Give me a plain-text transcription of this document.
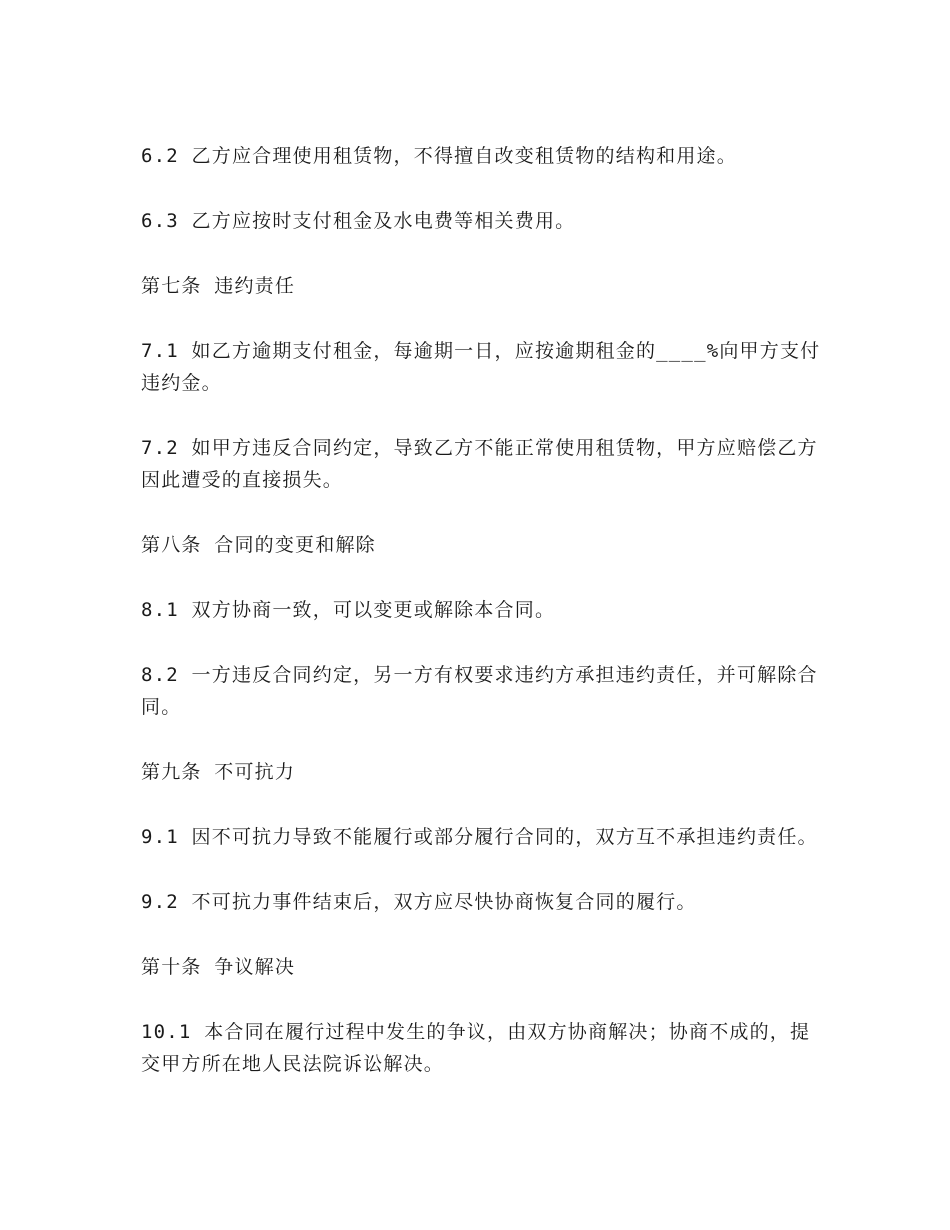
6.2 乙方应合理使用租赁物，不得擅自改变租赁物的结构和用途。

6.3 乙方应按时支付租金及水电费等相关费用。

第七条 违约责任

7.1 如乙方逾期支付租金，每逾期一日，应按逾期租金的____%向甲方支付违约金。

7.2 如甲方违反合同约定，导致乙方不能正常使用租赁物，甲方应赔偿乙方因此遭受的直接损失。

第八条 合同的变更和解除

8.1 双方协商一致，可以变更或解除本合同。

8.2 一方违反合同约定，另一方有权要求违约方承担违约责任，并可解除合同。

第九条 不可抗力

9.1 因不可抗力导致不能履行或部分履行合同的，双方互不承担违约责任。

9.2 不可抗力事件结束后，双方应尽快协商恢复合同的履行。

第十条 争议解决

10.1 本合同在履行过程中发生的争议，由双方协商解决；协商不成的，提交甲方所在地人民法院诉讼解决。
